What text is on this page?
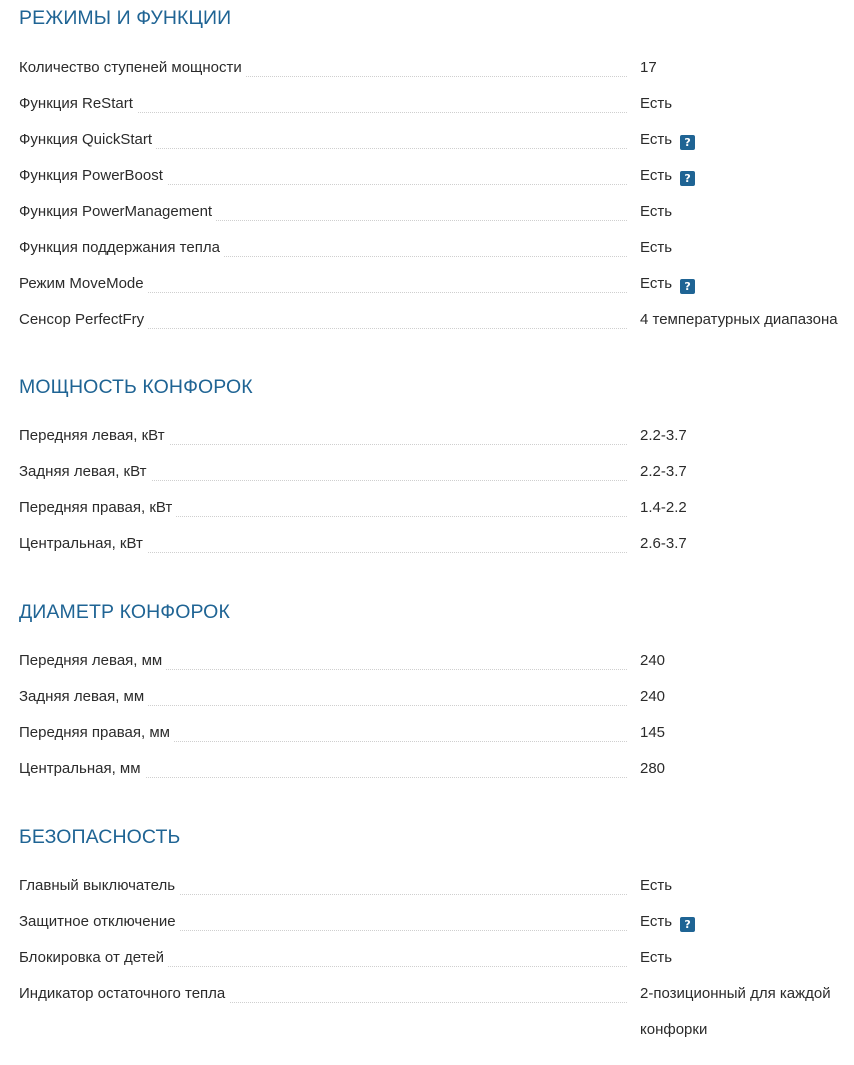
РЕЖИМЫ И ФУНКЦИИ
Количество ступеней мощности	17
Функция ReStart	Есть
Функция QuickStart	Есть ?
Функция PowerBoost	Есть ?
Функция PowerManagement	Есть
Функция поддержания тепла	Есть
Режим MoveMode	Есть ?
Сенсор PerfectFry	4 температурных диапазона
МОЩНОСТЬ КОНФОРОК
Передняя левая, кВт	2.2-3.7
Задняя левая, кВт	2.2-3.7
Передняя правая, кВт	1.4-2.2
Центральная, кВт	2.6-3.7
ДИАМЕТР КОНФОРОК
Передняя левая, мм	240
Задняя левая, мм	240
Передняя правая, мм	145
Центральная, мм	280
БЕЗОПАСНОСТЬ
Главный выключатель	Есть
Защитное отключение	Есть ?
Блокировка от детей	Есть
Индикатор остаточного тепла	2-позиционный для каждой конфорки
